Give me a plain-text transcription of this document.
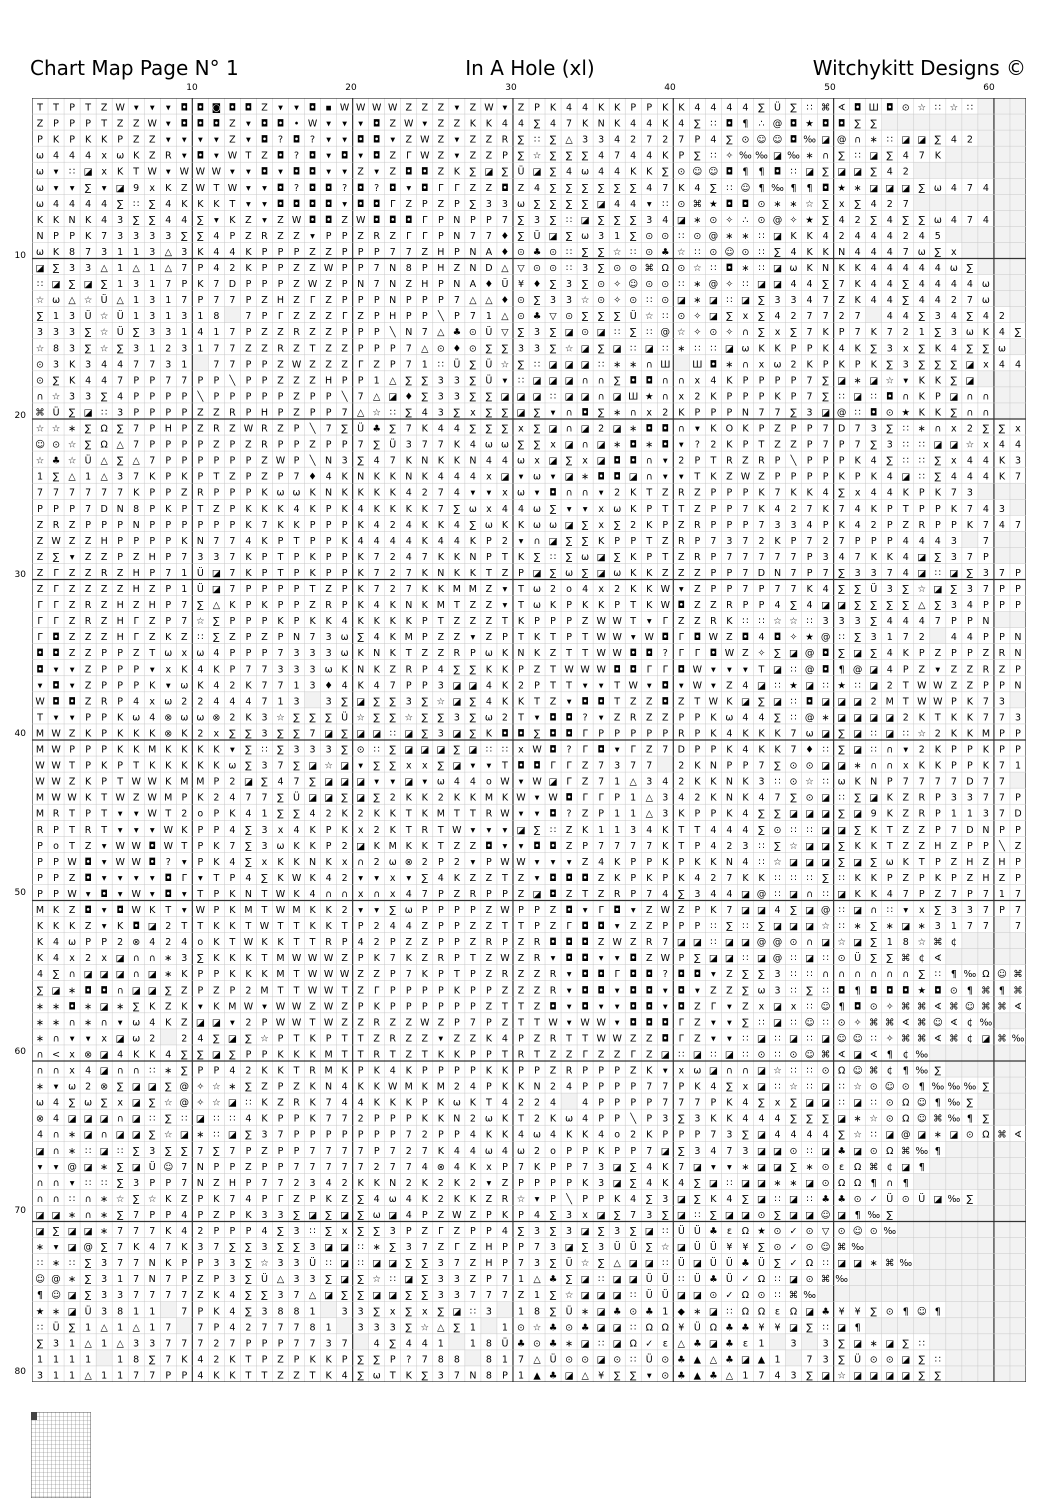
Chart Map Page N° 1	In A Hole (xl)	Witchykitt Designs ©
10	20	30	40	50	60
10
20
30
40
50
60
70
80
T T P T Z W ▾ ▾ ▾ ◘ ◘ ◙ ◘ ◘ Z ▾ ▾ ◘ ▪ W W W W Z Z Z ▾ Z W ▾ Z P K 4 4 K K P P K K 4 4 4 4 ∑ Ü ∑ ∷ ⌘ ∢ ◘ Ш ◘ ⊙ ☆ ∷ ☆ ∷
Z P P P T Z Z W ▾ ◘ ◘ ◘ Z ▾ ◘ ◘ • W ▾ ▾ ▾ ◘ Z W ▾ Z Z K K 4 4 ∑ 4 7 K N K 4 4 K 4 ∑ ∷ ◘ ¶ ∴ @ ◘ ★ ◘ ◘ ∑ ∑
P K P K K P Z Z ▾ ▾ ▾ ▾ Z ▾ ◘ ? ◘ ? ▾ ▾ ◘ ◘ ▾ Z W Z ▾ Z Z R ∑ ∷ ∑ △ 3 3 4 2 7 2 7 P 4 ∑ ⊙ ☺ ☺ ◘ ‰ ◪ @ ∩ ∗ ∷ ◪ ◪ ∑ 4 2
ω 4 4 4 x ω K Z R ▾ ◘ ▾ W T Z ◘ ? ◘ ▾ ◘ ▾ ◘ Z Γ W Z ▾ Z Z P ∑ ☆ ∑ ∑ ∑ 4 7 4 4 K P ∑ ∷ ✧ ‰ ‰ ◪ ‰ ∗ ∩ ∑ ∷ ◪ ∑ 4 7 K
ω ▾ ∷ ◪ x K T W ▾ W W W ▾ ▾ ◘ ▾ ◘ ◘ ▾ ▾ Z ▾ Z ◘ ◘ Z K ∑ ◪ ∑ Ü ◪ ∑ 4 ω 4 4 K K ∑ ⊙ ☺ ☺ ◘ ¶ ¶ ◘ ∷ ◪ ∑ ◪ ◪ ∑ 4 2
ω ▾ ▾ ∑ ▾ ◪ 9 x K Z W T W ▾ ▾ ◘ ? ◘ ◘ ? ◘ ? ◘ ▾ ◘ Γ Γ Z Z ◘ Z 4 ∑ ∑ ∑ ∑ ∑ ∑ 4 7 K 4 ∑ ∷ ☺ ¶ ‰ ¶ ¶ ◘ ★ ∗ ◪ ◪ ◪ ∑ ω 4 7 4
ω 4 4 4 4 ∑ ∷ ∑ 4 K K K T ▾ ▾ ◘ ◘ ◘ ◘ ▾ ◘ ◘ Γ Z P Z P ∑ 3 3 ω ∑ ∑ ∑ ∑ ◪ 4 4 ▾ ∷ ⊙ ⌘ ★ ◘ ◘ ⊙ ∗ ∗ ☆ ∑ x ∑ 4 2 7
K K N K 4 3 ∑ ∑ 4 4 ∑ ▾ K Z ▾ Z W ◘ ◘ Z W ◘ ◘ ◘ Γ P N P P 7 ∑ 3 ∑ ∷ ◪ ∑ ∑ ∑ 3 4 ◪ ∗ ⊙ ✧ ∴ ⊙ @ ✧ ★ ∑ 4 2 ∑ 4 ∑ ∑ ω 4 7 4
N P P K 7 3 3 3 3 ∑ ∑ 4 P Z R Z Z ▾ P P Z R Z Γ Γ P N 7 7 ♦ ∑ Ü ◪ ∑ ω 3 1 ∑ ⊙ ⊙ ∷ ⊙ @ ∗ ∗ ∷ ◪ K K 4 2 4 4 4 2 4 5
ω K 8 7 3 1 1 3 △ 3 K 4 4 K P P P Z Z P P P 7 7 Z H P N A ♦ ⊙ ♣ ⊙ ∷ ∑ ∑ ☆ ∷ ⊙ ♣ ☆ ∷ ⊙ ☺ ⊙ ∷ ∑ 4 K K N 4 4 4 7 ω ∑ x
◪ ∑ 3 3 △ 1 △ 1 △ 7 P 4 2 K P P Z Z W P P 7 N 8 P H Z N D △ ▽ ⊙ ⊙ ∷ 3 ∑ ⊙ ⊙ ⌘ Ω ⊙ ☆ ∷ ◘ ∗ ∷ ◪ ω K N K K 4 4 4 4 4 ω ∑
∷ ◪ ∑ ◪ ∑ 1 3 1 7 P K 7 D P P P Z W Z P N 7 N Z H P N A ♦ Ü ¥ ♦ ∑ 3 ∑ ⊙ ✧ ☺ ⊙ ⊙ ∷ ∗ @ ✧ ∷ ◪ ◪ 4 4 ∑ 7 K 4 4 ∑ 4 4 4 4 ω
☆ ω △ ☆ Ü △ 1 3 1 7 P 7 7 P Z H Z Γ Z P P P N P P P 7 △ △ ♦ ⊙ ∑ 3 3 ☆ ⊙ ✧ ⊙ ∷ ⊙ ◪ ∗ ◪ ∷ ◪ ∑ 3 3 4 7 Z K 4 4 ∑ 4 4 2 7 ω
∑ 1 3 Ü ☆ Ü 1 3 1 3 1 8	7 P Γ Z Z Z Γ Z P H P P ╲ P 7 1 △ ⊙ ♣ ▽ ⊙ ∑ ∑ ∑ Ü ☆ ∷ ⊙ ✧ ◪ ∑ x ∑ 4 2 7 7 2 7	4 4 ∑ 3 4 ∑ 4 2
3 3 3 ∑ ☆ Ü ∑ 3 3 1 4 1 7 P Z Z R Z Z P P P ╲ N 7 △ ♣ ⊙ Ü ▽ ∑ 3 ∑ ◪ ⊙ ◪ ∷ ∑ ∷ @ ☆ ✧ ⊙ ✧ ∩ ∑ x ∑ 7 K P 7 K 7 2 1 ∑ 3 ω K 4 ∑
☆ 8 3 ∑ ☆ ∑ 3 1 2 3 1 7 7 Z Z R Z T Z Z P P P 7 △ ⊙ ♦ ⊙ ∑ ∑ 3 3 ∑ ☆ ◪ ∑ ◪ ∷ ◪ ∷ ∗ ∷ ∷ ◪ ω K K P P K 4 K ∑ 3 x ∑ K 4 ∑ ∑ ω
⊙ 3 K 3 4 4 7 7 3 1	7 7 P P Z W Z Z Z Γ Z P 7 1 ∷ Ü ∑ Ü ☆ ∑ ∷ ◪ ◪ ◪ ∷ ∗ ∗ ∩ Ш Ш ◘ ∗ ∩ x ω 2 K P K P K ∑ 3 ∑ ∑ ∑ ◪ x 4 4
⊙ ∑ K 4 4 7 P P 7 7 P P ╲ P P Z Z Z H P P 1 △ ∑ ∑ 3 3 ∑ Ü ▾ ∷ ◪ ◪ ◪ ∩ ∩ ∑ ◘ ◘ ∩ ∩ x 4 K P P P P 7 ∑ ◪ ∗ ◪ ☆ ▾ K K ∑ ◪
∩ ☆ 3 3 ∑ 4 P P P P ╲ P P P P P Z P P ╲ 7 △ ◪ ♦ ∑ 3 3 ∑ ∑ ◪ ◪ ◪ ∷ ◪ ◪ ∩ ◪ Ш ★ ∩ x 2 K P P P K P 7 ∑ ∷ ◪ ∷ ◘ ∩ K P ◪ ∩ ∩
⌘ Ü ∑ ◪ ∷ 3 P P P P Z Z R P H P Z P P 7 △ ☆ ∷ ∑ 4 3 ∑ x ∑ ∑ ◪ ∑ ▾ ∩ ◘ ∑ ∗ ∩ x 2 K P P P N 7 7 ∑ 3 ◪ @ ∷ ◘ ⊙ ★ K K ∑ ∩ ∩
☆ ☆ ∗ ∑ Ω ∑ 7 P H P Z R Z W R Z P ╲ 7 ∑ Ü ♣ ∑ 7 K 4 4 ∑ ∑ ∑ x ∑ ◪ ∩ ◪ 2 ◪ ∗ ◘ ◘ ∩ ▾ K O K P Z P P 7 D 7 3 ∑ ∷ ∗ ∩ x 2 ∑ ∑ x
☺ ⊙ ☆ ∑ Ω △ 7 P P P P Z P Z R P P Z P P 7 ∑ Ü 3 7 7 K 4 ω ω ∑ ∑ x ◪ ∩ ◪ ∗ ◘ ∗ ◘ ▾ ? 2 K P T Z Z P 7 P 7 ∑ 3 ∷ ∷ ◪ ◪ ☆ x 4 4
☆ ♣ ☆ Ü △ ∑ △ 7 P P P P P P Z W P ╲ N 3 ∑ 4 7 K N K K N 4 4 ω x ◪ ∑ x ◪ ◘ ◘ ∩ ▾ 2 P T R Z R P ╲ P P P K 4 ∑ ∷ ∷ ∑ x 4 4 K 3
1 ∑ △ 1 △ 3 7 K P K P T Z P Z P 7 ♦ 4 K N K K N K 4 4 4 x ◪ ▾ ω ▾ ◪ ∗ ◘ ◘ ◪ ∩ ▾ ▾ T K Z W Z P P P P K P K 4 ◪ ∷ ∑ 4 4 4 K 7
7 7 7 7 7 7 K P P Z R P P P K ω ω K N K K K K 4 2 7 4 ▾ ▾ x ω ▾ ◘ ∩ ∩ ▾ 2 K T Z R Z P P P K 7 K K 4 ∑ x 4 4 K P K 7 3
P P P 7 D N 8 P K P T Z P K K K 4 K P K 4 K K K K 7 ∑ ω x 4 4 ω ∑ ▾ ▾ x ω K P T T Z P P 7 K 4 2 7 K 7 4 K P T P P K 7 4 3
Z R Z P P P N P P P P P P K 7 K K P P P K 4 2 4 K K 4 ∑ ω K K ω ω ◪ ∑ x ∑ 2 K P Z R P P P 7 3 3 4 P K 4 2 P Z R P P K 7 4 7
Z W Z Z H P P P P K N 7 7 4 K P T P P K 4 4 4 4 K 4 4 K P 2 ▾ ∩ ◪ ∑ ∑ K P P T Z R P 7 3 7 2 K P 7 2 7 P P P 4 4 4 3	7
Z ∑ ▾ Z Z P Z H P 7 3 3 7 K P T P K P P K 7 2 4 7 K K N P T K ∑ ∷ ∑ ω ◪ ∑ K P T Z R P 7 7 7 7 7 P 3 4 7 K K 4 ◪ ∑ 3 7 P
Z Γ Z Z R Z H P 7 1 Ü ◪ 7 K P T P K P P K 7 2 7 K N K K T Z P ◪ ∑ ω ∑ ◪ ω K K Z Z Z P P 7 D N 7 P 7 ∑ 3 3 7 4 ◪ ∷ ◪ ∑ 3 7 P
Z Γ Z Z Z Z H Z P 1 Ü ◪ 7 P P P P T Z P K 7 2 7 K K M M Z ▾ T ω 2 o 4 x 2 K K W ▾ Z P P 7 P 7 7 K 4 ∑ ∑ Ü 3 ∑ ☆ ◪ ∑ 3 7 P P
Γ Γ Z R Z H Z H P 7 ∑ △ K P K P P Z R P K 4 K N K M T Z Z ▾ T ω K P K K P T K W ◘ Z Z R P P 4 ∑ 4 ◪ ◪ ∑ ∑ ∑ ∑ △ ∑ 3 4 P P P
Γ Γ Z R Z H Γ Z P 7 ☆ ∑ P P P K P K K 4 K K K K P T Z Z Z T K P P P Z W W T ▾ Γ Z Z R K ∷ ∷ ☆ ☆ ∷ 3 3 3 ∑ 4 4 4 7 P P N
Γ ◘ Z Z Z H Γ Z K Z ∷ ∑ Z P Z P N 7 3 ω ∑ 4 K M P Z Z ▾ Z P T K T P T W W ▾ W ◘ Γ ◘ W Z ◘ 4 ◘ ✧ ★ @ ∷ ∑ 3 1 7 2	4 4 P P N
◘ ◘ Z Z P P Z T ω x ω 4 P P P 7 3 3 3 ω K N K T Z Z R P ω K N K Z T T W W ◘ ◘ ? Γ Γ ◘ W Z ✧ ∑ ◪ @ ◘ ∑ ◪ ∑ 4 K P Z P P Z R N
◘ ▾ ▾ Z P P P ▾ x K 4 K P 7 7 3 3 3 ω K N K Z R P 4 ∑ ∑ K K P Z T W W W ◘ ◘ Γ Γ ◘ W ▾ ▾ ▾ T ◪ ∷ @ ◘ ¶ @ ◪ 4 P Z ▾ Z Z R Z P
▾ ◘ ▾ Z P P P K ▾ ω K 4 2 K 7 7 1 3 ♦ 4 K 4 7 P P 3 ◪ ◪ 4 K 2 P T T ▾ ▾ T W ▾ ◘ ▾ W ▾ Z 4 ◪ ∷ ★ ◪ ∷ ★ ∷ ◪ 2 T W W Z Z P P N
W ◘ ◘ Z R P 4 x ω 2 2 4 4 4 7 1 3	3 ∑ ◪ ∑ ∑ 3 ∑ ☆ ◪ ∑ 4 K K T Z ▾ ◘ ◘ T Z Z ◘ Z T W K ◪ ∑ ◪ ∷ ◘ ◪ ◪ ◪ 2 M T W W P K 7 3
T ▾ ▾ P P K ω 4 ⊗ ω ω ⊗ 2 K 3 ☆ ∑ ∑ ∑ Ü ☆ ∑ ∑ ☆ ∑ ∑ 3 ∑ ω 2 T ▾ ◘ ◘ ? ▾ Z R Z Z P P K ω 4 4 ∑ ∷ @ ∗ ◪ ◪ ◪ ◪ 2 K T K K 7 7 3
M W Z K P K K K ⊗ K 2 x ∑ ∑ 3 ∑ ∑ 7 ◪ ∑ ◪ ◪ ∷ ◪ ∑ 3 ◪ ∑ K ◘ ◘ ∑ ◘ ◘ Γ P P P P P R P K 4 K K K 7 ω ◪ ∑ ◪ ∷ ◪ ∷ ☆ 2 K K M P P
M W P P P K K M K K K K ▾ ∑ ∷ ∑ 3 3 3 ∑ ⊙ ∷ ∑ ◪ ◪ ◪ ∑ ◪ ∷ ∷ x W ◘ ? Γ ◘ ▾ Γ Z 7 D P P K 4 K K 7 ♦ ∷ ∑ ◪ ∷ ∩ ▾ 2 K P P K P P
W W T P K P T K K K K K ω ∑ 3 7 ∑ ◪ ☆ ◪ ▾ ∑ ∑ x x ∑ ◪ ▾ ▾ T ◘ ◘ Γ Γ Z 7 3 7 7	2 K N P P 7 ∑ ⊙ ⊙ ◪ ◪ ∗ ∩ ∩ x K K P P K 7 1
W W Z K P T W W K M M P 2 ◪ ∑ 4 7 ∑ ◪ ◪ ◪ ▾ ▾ ◪ ▾ ω 4 4 o W ▾ W ◪ Γ Z 7 1 △ 3 4 2 K K N K 3 ∷ ⊙ ☆ ∷ ω K N P 7 7 7 7 D 7 7
M W W K T W Z W M P K 2 4 7 7 ∑ Ü ◪ ◪ ∑ ◪ ∑ 2 K K 2 K K M K W ▾ W ◘ Γ Γ P 1 △ 3 4 2 K N K 4 7 ∑ ⊙ ◪ ∷ ∑ ◪ K Z R P 3 3 7 7 P
M R T P T ▾ ▾ W T 2 o P K 4 1 ∑ ∑ 4 2 K 2 K K T K M T T R W ▾ ▾ ◘ ? Z P 1 1 △ 3 K P P K 4 ∑ ∑ ◪ ◪ ◪ ∑ ◪ 9 K Z R P 1 1 3 7 D
R P T R T ▾ ▾ ▾ W K P P 4 ∑ 3 x 4 K P K x 2 K T R T W ▾ ▾ ▾ ◪ ∑ ∷ Z K 1 1 3 4 K T T 4 4 4 ∑ ⊙ ∷ ∷ ◪ ◪ ∑ K T Z Z P 7 D N P P
P o T Z ▾ W W ◘ W T P K 7 ∑ 3 ω K K P 2 ◪ K M K K T Z Z ◘ ▾ ▾ ◘ ◘ Z P 7 7 7 7 K T P 4 2 3 ∷ ∑ ☆ ◪ ◪ ∑ K K T Z Z H Z P P ╲ Z
P P W ◘ ▾ W W ◘ ? ▾ P K 4 ∑ x K K N K x ∩ 2 ω ⊗ 2 P 2 ▾ P W W ▾ ▾ ▾ Z 4 K P P K P K K N 4 ∷ ☆ ◪ ◪ ◪ ∑ ◪ ∑ ω K T P Z H Z H P
P P Z ◘ ▾ ▾ ▾ ▾ ◘ Γ ▾ T P 4 ∑ K W K 4 2 ▾ ▾ x ▾ ∑ 4 K Z Z T Z ▾ ◘ ◘ ◘ Z K P K P K 4 2 7 K K ∷ ∷ ∷ ∑ ∷ K K P Z P K P Z H Z P
P P W ▾ ◘ ▾ W ▾ ◘ ▾ T P K N T W K 4 ∩ ∩ x ∩ x 4 7 P Z R P P Z ◪ ◘ Z T Z R P 7 4 ∑ 3 4 4 ◪ @ ∷ ◪ ∩ ∷ ◪ K K 4 7 P Z 7 P 7 1 7
M K Z ◘ ▾ ◘ W K T ▾ W P K M T W M K K 2 ▾ ▾ ∑ ω P P P P Z W P P Z ◘ ▾ Γ ◘ ▾ Z W Z P K 7 ◪ ◪ 4 ∑ ◪ @ ∷ ◪ ∩ ∷ ▾ x ∑ 3 3 7 P 7
K K K Z ▾ K ◘ ◪ 2 T T K K T W T T K K T P 2 4 4 Z P P Z Z T T P Z Γ ◘ ◘ ▾ Z Z P P P ∷ ∑ ∷ ∑ ◪ ◪ ◪ ☆ ∷ ∗ ∑ ∗ ◪ ∗ 3 1 7 7	7
K 4 ω P P 2 ⊗ 4 2 4 o K T W K K T T R P 4 2 P Z Z P P Z R P Z R ◘ ◘ ◘ Z W Z R 7 ◪ ◪ ∷ ◪ ◪ @ @ ⊙ ∩ ◪ ☆ ◪ ∑ 1 8 ☆ ⌘ ¢
K 4 x 2 x ◪ ∩ ∩ ∗ 3 ∑ K K K T M W W W Z P K 7 K Z R P T Z W Z R ▾ ◘ ◘ ▾ ▾ ◘ Z W P ∑ ◪ ◪ ∷ ◪ @ ∷ ◪ ∷ ⊙ Ü ∑ ∑ ⌘ ¢ ∢
4 ∑ ∩ ◪ ◪ ◪ ∩ ◪ ∗ K P P K K K M T W W W Z Z P 7 K P T P Z R Z Z R ▾ ◘ ◘ Γ ◘ ◘ ? ◘ ◘ ▾ Z ∑ ∑ 3 ∷ ∷ ∩ ∩ ∩ ∩ ∩ ∩ ∑ ∷ ¶ ‰ Ω ☺ ⌘
∑ ◪ ∗ ◘ ◘ ∩ ◪ ◪ ∑ Z P Z P 2 M T T W W T Z Γ P P P P K P P Z Z Z R ▾ ◘ ◘ ▾ ◘ ◘ ▾ ◘ ▾ Z Z ∑ ω 3 ∷ ∑ ∷ ◘ ¶ ◘ ◘ ◘ ★ ◘ ⊙ ¶ ⌘ ¶ ⌘
∗ ∗ ◘ ∗ ◪ ∗ ∑ K Z K ▾ K M W ▾ W W Z W Z P K P P P P P P Z T T Z ◘ ▾ ◘ ▾ ▾ ◘ ◘ ▾ ◘ Z Γ ▾ Z x ◪ x ∷ ☺ ¶ ◘ ⊙ ✧ ⌘ ⌘ ∢ ⌘ ☺ ⌘ ⌘ ∢
∗ ∗ ∩ ∗ ∩ ▾ ω 4 K Z ◪ ◪ ▾ 2 P W W T W Z Z R Z Z W Z P 7 P Z T T W ▾ W W ▾ ◘ ◘ ◘ Γ Z ▾ ▾ ∑ ∷ ◪ ∷ ☺ ∷ ⊙ ✧ ⌘ ⌘ ∢ ⌘ ☺ ∢ ¢ ‰
∗ ∩ ▾ ▾ x ◪ ω 2	2 4 ∑ ◪ ∑ ☆ P T K P T T Z R Z Z ▾ Z Z K 4 P Z R T T W W Z Z ◘ Γ Z ▾ ▾ ∷ ◪ ∷ ◪ ∷ ◪ ☺ ☺ ∷ ✧ ⌘ ⌘ ∢ ⌘ ¢ ◪ ⌘ ‰
∩ < x ⊗ ◪ 4 K K 4 ∑ ∑ ◪ ∑ P P K K K M T T R T Z T K K P P T R T Z Z Γ Z Z Γ Z ◪ ∷ ◪ ∷ ◪ ∷ ⊙ ∷ ⊙ ☺ ⌘ ∢ ◪ ∢ ¶ ¢ ‰
∩ ∩ x 4 ◪ ∩ ∩ ∷ ∗ ∑ P P 4 2 K K T R M K P K 4 K P P P P K K P P Z R P P P Z K ▾ x ω ◪ ∩ ∩ ◪ ☆ ∷ ∷ ⊙ Ω ☺ ⌘ ¢ ¶ ‰ ∑
∗ ▾ ω 2 ⊗ ∑ ◪ ◪ ∑ @ ✧ ☆ ∗ ∑ Z P Z K N 4 K K W M K M 2 4 P K K N 2 4 P P P P 7 7 P K 4 ∑ x ◪ ∷ ☆ ∷ ◪ ∷ ☆ ⊙ ☺ ⊙ ¶ ‰ ‰ ‰ ∑
ω 4 ∑ ω ∑ x ◪ ∑ ☆ @ ✧ ☆ ◪ ∷ K Z R K 7 4 4 K K K P K ω K T 4 2 2 4	4 P P P P 7 7 7 P K 4 ∑ x ∑ ◪ ◪ ∷ ◪ ∷ ⊙ Ω ☺ ¶ ‰ ∑
⊗ 4 ◪ ◪ ◪ ∩ ◪ ∷ ∑ ∷ ◪ ∷ ∷ 4 K P P K 7 7 2 P P P K K N 2 ω K T 2 K ω 4 P P ╲ P 3 ∑ 3 K K 4 4 4 ∑ ∑ ∑ ◪ ∗ ☆ ⊙ Ω ☺ ⌘ ‰ ¶ ∑
4 ∩ ∗ ◪ ∩ ◪ ◪ ∑ ☆ ◪ ∗ ∷ ◪ ∑ 3 7 P P P P P P P 7 2 P P 4 K K 4 ω 4 K K 4 o 2 K P P P 7 3 ∑ ◪ 4 4 4 4 ∑ ☆ ∷ ◪ @ ◪ ∗ ◪ ⊙ Ω ⌘ ∢
◪ ∩ ∗ ∷ ◪ ∷ ∑ 3 ∑ ∑ 7 ∑ 7 P Z P P 7 7 7 7 P 7 2 7 K 4 4 ω 4 ω 2 o P P K P P 7 ◪ ∑ 3 4 7 3 ◪ ◪ ⊙ ∷ ◪ ♣ ◪ ⊙ Ω ⌘ ‰ ¶
▾ ▾ @ ◪ ∗ ∑ ◪ Ü ☺ 7 N P P Z P P 7 7 7 7 7 2 7 7 4 ⊗ 4 K x P 7 K P P 7 3 ◪ ∑ 4 K 7 ◪ ▾ ▾ ∗ ◪ ◪ ∑ ∗ ⊙ ε Ω ⌘ ¢ ◪ ¶
∩ ∩ ▾ ∷ ∷ ∑ 3 P P 7 N Z H P 7 7 2 3 4 2 K K N 2 K 2 K 2 ▾ Z P P P P K 3 ◪ ∑ 4 K 4 ∑ ◪ ∷ ◪ ◪ ∗ ∗ ◪ ⊙ Ω Ω ¶ ∩ ¶
∩ ∩ ∷ ∩ ∗ ☆ ∑ ☆ K Z P K 7 4 P Γ Z P K Z ∑ 4 ω 4 K 2 K K Z R ☆ ▾ P ╲ P P K 4 ∑ 3 ◪ ∑ K 4 ∑ ◪ ∷ ◪ ∷ ♣ ♣ ⊙ ✓ Ü ⊙ Ü ◪ ‰ ∑
◪ ◪ ∗ ∩ ∗ ∑ 7 P P 4 P Z P K 3 3 ∑ ◪ ∑ ◪ ∑ ω ◪ 4 P Z W Z P K P 4 ∑ 3 x ◪ ∑ 7 3 ∑ ◪ ∷ ∑ ◪ ◪ ⊙ ∑ ◪ ◪ ☺ ◪ ¶ ‰ ∑
◪ ∑ ◪ ◪ ∗ 7 7 7 K 4 2 P P P 4 ∑ 3 ∷ ∑ x ∑ ∑ 3 P Z Γ Z P P 4 ∑ 3 ∑ 3 ◪ ∑ 3 ∑ ◪ ∷ Ü Ü ♣ ε Ω ★ ⊙ ✓ ⊙ ▽ ⊙ ☺ ⊙ ‰
∗ ▾ ◪ @ ∑ 7 K 4 7 K 3 7 ∑ ∑ 3 ∑ ∑ 3 ◪ ◪ ∷ ∗ ∑ 3 7 Z Γ Z H P P 7 3 ◪ ∑ 3 Ü Ü ∑ ☆ ◪ Ü Ü ¥ ¥ ∑ ⊙ ✓ ⊙ ☺ ⌘ ‰
∷ ∗ ∷ ∑ 3 7 7 N K P P 3 3 ∑ ☆ 3 3 Ü ∷ ◪ ∷ ◪ ◪ ∑ ∑ 3 7 Z H P 7 3 ∑ Ü ☆ ∑ △ ◪ ◪ ∷ Ü ◪ Ü Ü ♣ Ü ∑ ✓ Ω ∷ ◪ ◪ ∗ ⌘ ‰
☺ @ ∗ ∑ 3 1 7 N 7 P Z P 3 ∑ Ü △ 3 3 ∑ ◪ ∑ ☆ ∷ ◪ ∑ 3 3 Z P 7 1 △ ♣ ∑ ◪ ∷ ◪ ◪ Ü Ü ∷ Ü ♣ Ü ✓ Ω ∷ ◪ ⊙ ⌘ ‰
¶ ☺ ◪ ∑ 3 3 7 7 7 7 Z K 4 ∑ ∑ 3 7 △ ◪ ∑ ∑ ◪ ◪ ∑ ∑ 3 3 7 7 7 Z 1 ∑ ☆ ◪ ◪ ◪ ∷ Ü Ü ◪ ◪ ⊙ ✓ Ω ⊙ ∷ ⌘ ‰
★ ∗ ◪ Ü 3 8 1 1	7 P K 4 ∑ 3 8 8 1	3 3 ∑ x ∑ x ∑ ◪ ∷ 3	1 8 ∑ Ü ∗ ◪ ♣ ⊙ ♣ 1 ◆ ∗ ◪ ∷ Ω Ω ε Ω ◪ ♣ ¥ ¥ ∑ ⊙ ¶ ☺ ¶
∷ Ü ∑ 1 △ 1 △ 1 7	7 P 4 2 7 7 7 8 1	3 3 3 ∑ ☆ △ ∑ 1	1 ⊙ ☆ ♣ ⊙ ♣ ◪ ◪ ∷ Ω Ω ¥ Ü Ω ♣ ♣ ¥ ¥ ◪ ∑ ∷ ◪ ¶
∑ 3 1 △ 1 △ 3 3 7 7 7 2 7 P P P 7 7 3 7	4 ∑ 4 4 1	1 8 Ü ♣ ⊙ ♣ ∗ ◪ ∷ ◪ Ω ✓ ε △ ♣ ◪ ♣ ε 1	3	3 ∑ ◪ ∗ ◪ ∑ ∷
1 1 1 1	1 8 ∑ 7 K 4 2 K T P Z P K K P ∑ ∑ P ? 7 8 8	8 1 7 △ Ü ⊙ ⊙ ◪ ⊙ ∷ Ü ⊙ ♣ ▲ △ ♣ ◪ ▲ 1	7 3 ∑ Ü ⊙ ⊙ ◪ ∑ ∷
3 1 1 △ 1 1 7 7 P P 4 K K T T Z Z T K 4 ∑ ω T K ∑ 3 7 N 8 P 1 ▲ ♣ ◪ △ ¥ ∑ ∑ ▾ ⊙ ♣ ▲ ♣ △ 1 7 4 3 ∑ ◪ ☆ ◪ ◪ ◪ ◪ ∑ ∑
